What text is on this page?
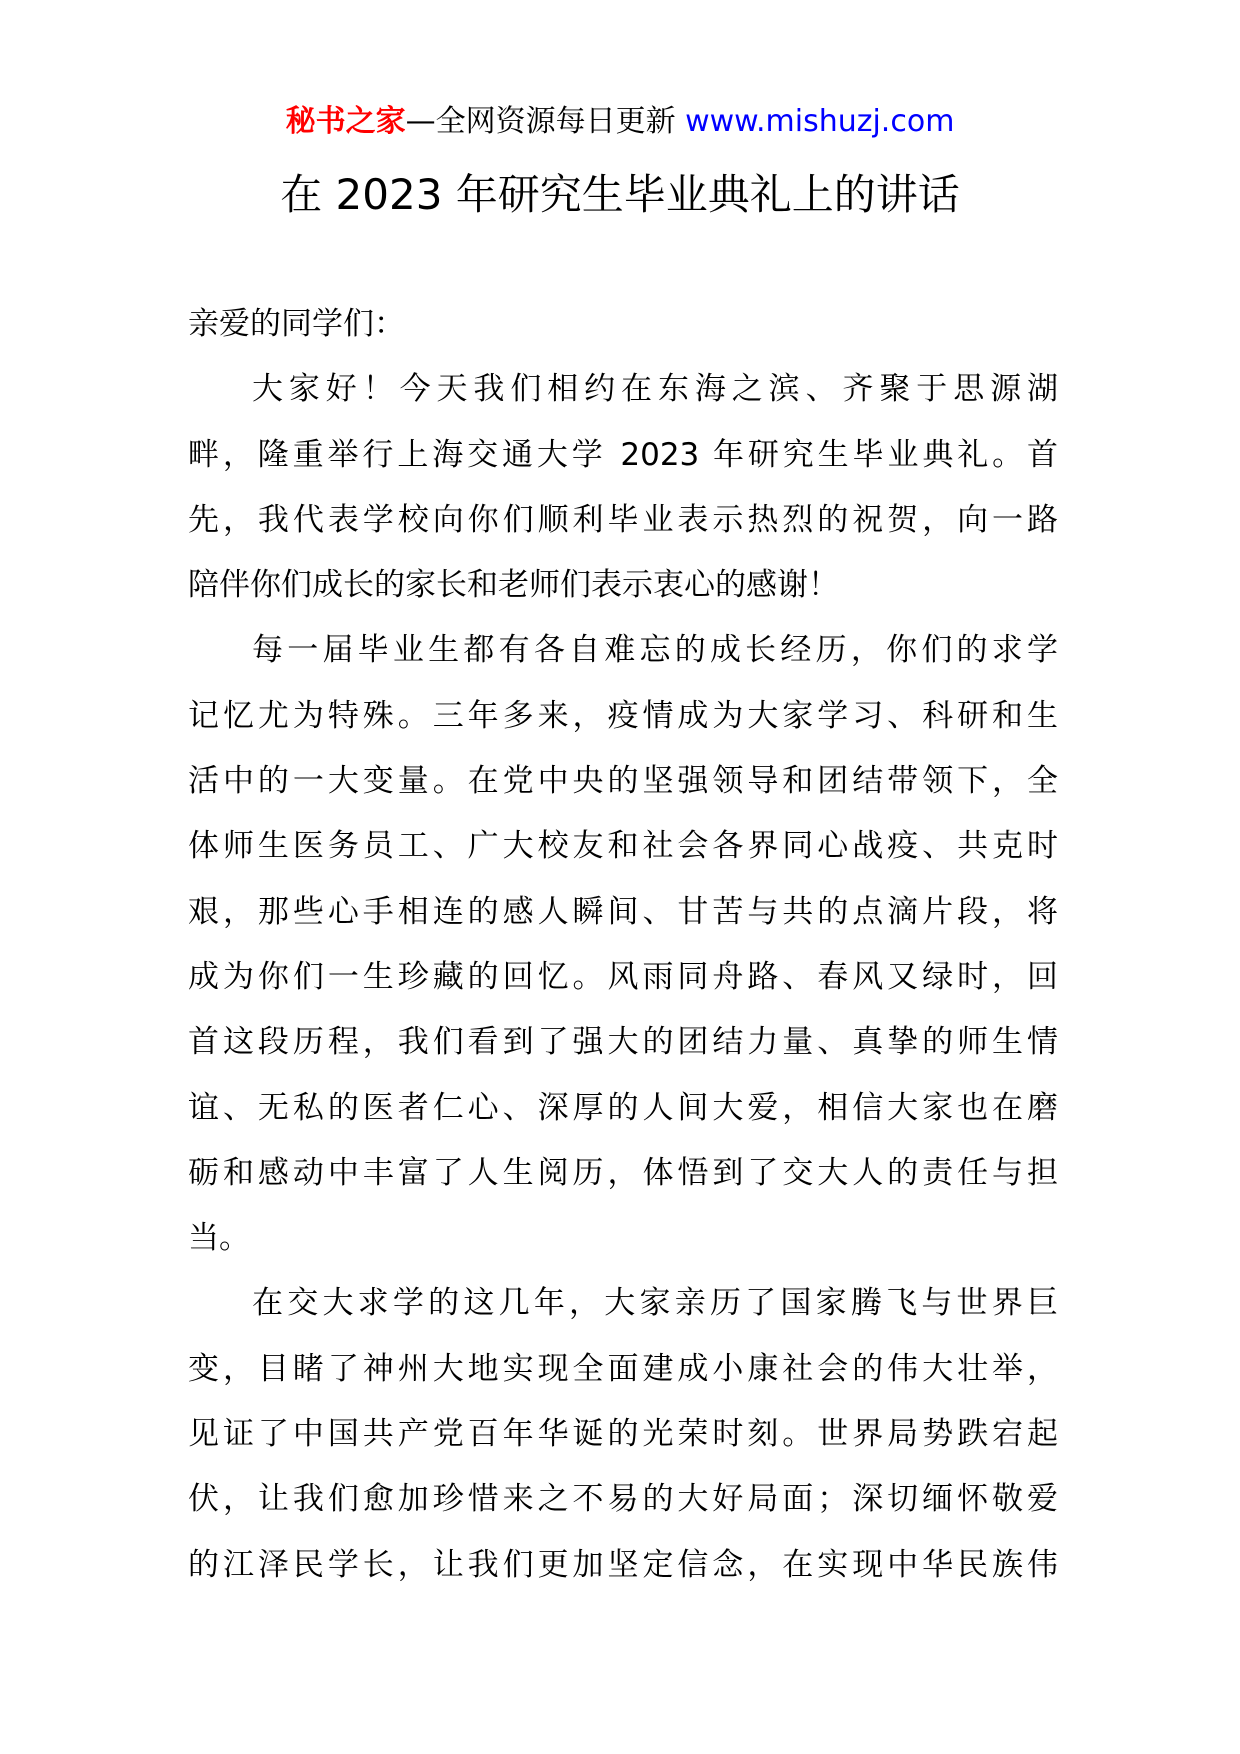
秘书之家—全网资源每日更新 www.mishuzj.com
在 2023 年研究生毕业典礼上的讲话
亲爱的同学们：
大家好！今天我们相约在东海之滨、齐聚于思源湖
畔，隆重举行上海交通大学 2023 年研究生毕业典礼。首
先，我代表学校向你们顺利毕业表示热烈的祝贺，向一路
陪伴你们成长的家长和老师们表示衷心的感谢！
每一届毕业生都有各自难忘的成长经历，你们的求学
记忆尤为特殊。三年多来，疫情成为大家学习、科研和生
活中的一大变量。在党中央的坚强领导和团结带领下，全
体师生医务员工、广大校友和社会各界同心战疫、共克时
艰，那些心手相连的感人瞬间、甘苦与共的点滴片段，将
成为你们一生珍藏的回忆。风雨同舟路、春风又绿时，回
首这段历程，我们看到了强大的团结力量、真挚的师生情
谊、无私的医者仁心、深厚的人间大爱，相信大家也在磨
砺和感动中丰富了人生阅历，体悟到了交大人的责任与担
当。
在交大求学的这几年，大家亲历了国家腾飞与世界巨
变，目睹了神州大地实现全面建成小康社会的伟大壮举，
见证了中国共产党百年华诞的光荣时刻。世界局势跌宕起
伏，让我们愈加珍惜来之不易的大好局面；深切缅怀敬爱
的江泽民学长，让我们更加坚定信念，在实现中华民族伟
